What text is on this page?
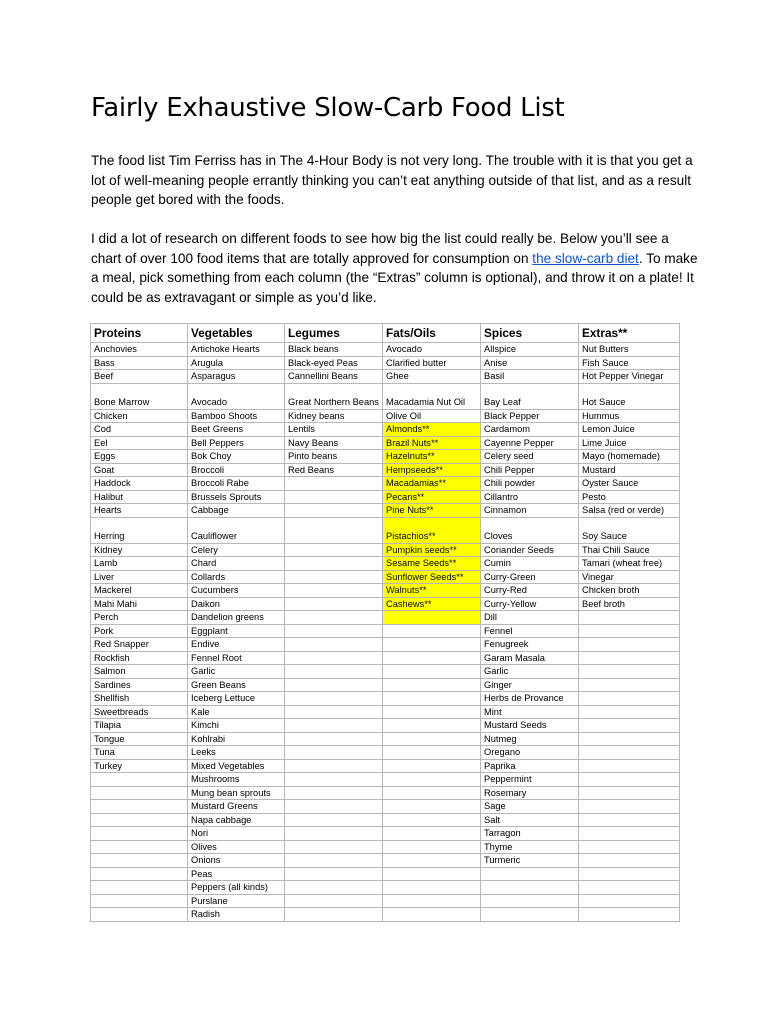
Fairly Exhaustive Slow-Carb Food List

The food list Tim Ferriss has in The 4-Hour Body is not very long. The trouble with it is that you get a lot of well-meaning people errantly thinking you can’t eat anything outside of that list, and as a result people get bored with the foods.

I did a lot of research on different foods to see how big the list could really be. Below you’ll see a chart of over 100 food items that are totally approved for consumption on the slow-carb diet. To make a meal, pick something from each column (the “Extras” column is optional), and throw it on a plate! It could be as extravagant or simple as you’d like.

Proteins	Vegetables	Legumes	Fats/Oils	Spices	Extras**
Anchovies	Artichoke Hearts	Black beans	Avocado	Allspice	Nut Butters
Bass	Arugula	Black-eyed Peas	Clarified butter	Anise	Fish Sauce
Beef	Asparagus	Cannellini Beans	Ghee	Basil	Hot Pepper Vinegar
Bone Marrow	Avocado	Great Northern Beans	Macadamia Nut Oil	Bay Leaf	Hot Sauce
Chicken	Bamboo Shoots	Kidney beans	Olive Oil	Black Pepper	Hummus
Cod	Beet Greens	Lentils	Almonds**	Cardamom	Lemon Juice
Eel	Bell Peppers	Navy Beans	Brazil Nuts**	Cayenne Pepper	Lime Juice
Eggs	Bok Choy	Pinto beans	Hazelnuts**	Celery seed	Mayo (homemade)
Goat	Broccoli	Red Beans	Hempseeds**	Chili Pepper	Mustard
Haddock	Broccoli Rabe		Macadamias**	Chili powder	Oyster Sauce
Halibut	Brussels Sprouts		Pecans**	Cillantro	Pesto
Hearts	Cabbage		Pine Nuts**	Cinnamon	Salsa (red or verde)
Herring	Cauliflower		Pistachios**	Cloves	Soy Sauce
Kidney	Celery		Pumpkin seeds**	Coriander Seeds	Thai Chili Sauce
Lamb	Chard		Sesame Seeds**	Cumin	Tamari (wheat free)
Liver	Collards		Sunflower Seeds**	Curry-Green	Vinegar
Mackerel	Cucumbers		Walnuts**	Curry-Red	Chicken broth
Mahi Mahi	Daikon		Cashews**	Curry-Yellow	Beef broth
Perch	Dandelion greens			Dill	
Pork	Eggplant			Fennel	
Red Snapper	Endive			Fenugreek	
Rockfish	Fennel Root			Garam Masala	
Salmon	Garlic			Garlic	
Sardines	Green Beans			Ginger	
Shellfish	Iceberg Lettuce			Herbs de Provance	
Sweetbreads	Kale			Mint	
Tilapia	Kimchi			Mustard Seeds	
Tongue	Kohlrabi			Nutmeg	
Tuna	Leeks			Oregano	
Turkey	Mixed Vegetables			Paprika	
	Mushrooms			Peppermint	
	Mung bean sprouts			Rosemary	
	Mustard Greens			Sage	
	Napa cabbage			Salt	
	Nori			Tarragon	
	Olives			Thyme	
	Onions			Turmeric	
	Peas				
	Peppers (all kinds)				
	Purslane				
	Radish				
